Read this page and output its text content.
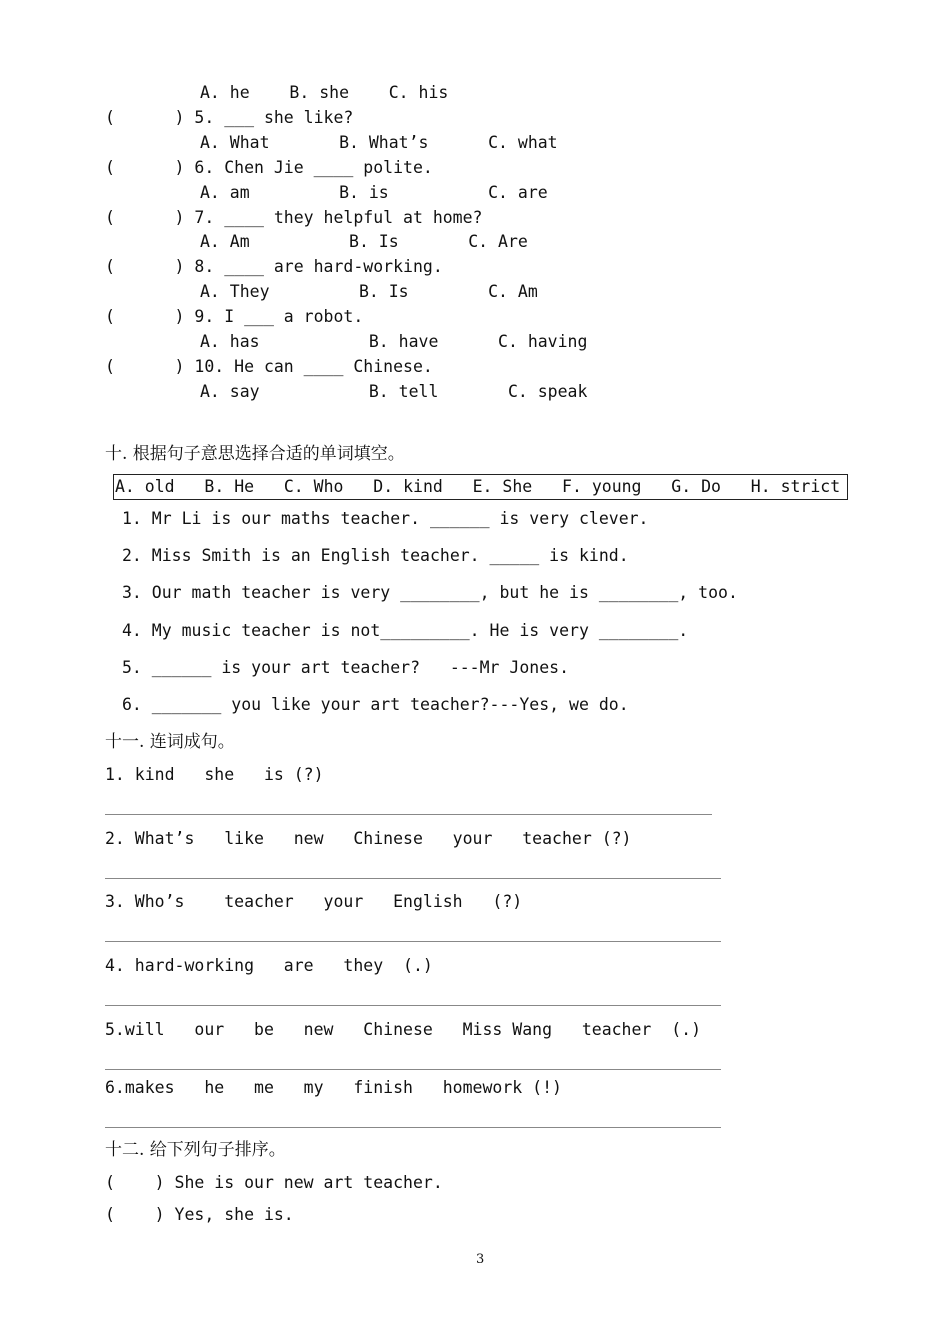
A. he    B. she    C. his
(      ) 5. ___ she like?
A. What       B. What’s      C. what
(      ) 6. Chen Jie ____ polite.
A. am         B. is          C. are
(      ) 7. ____ they helpful at home?
A. Am          B. Is       C. Are
(      ) 8. ____ are hard-working.
A. They         B. Is        C. Am
(      ) 9. I ___ a robot.
A. has           B. have      C. having
(      ) 10. He can ____ Chinese.
A. say           B. tell       C. speak
十. 根据句子意思选择合适的单词填空。
A. old   B. He   C. Who   D. kind   E. She   F. young   G. Do   H. strict
1. Mr Li is our maths teacher. ______ is very clever.
2. Miss Smith is an English teacher. _____ is kind.
3. Our math teacher is very ________, but he is ________, too.
4. My music teacher is not_________. He is very ________.
5. ______ is your art teacher?   ---Mr Jones.
6. _______ you like your art teacher?---Yes, we do.
十一. 连词成句。
1. kind   she   is (?)
2. What’s   like   new   Chinese   your   teacher (?)
3. Who’s    teacher   your   English   (?)
4. hard-working   are   they  (.)
5.will   our   be   new   Chinese   Miss Wang   teacher  (.)
6.makes   he   me   my   finish   homework (!)
十二. 给下列句子排序。
(    ) She is our new art teacher.
(    ) Yes, she is.
3
